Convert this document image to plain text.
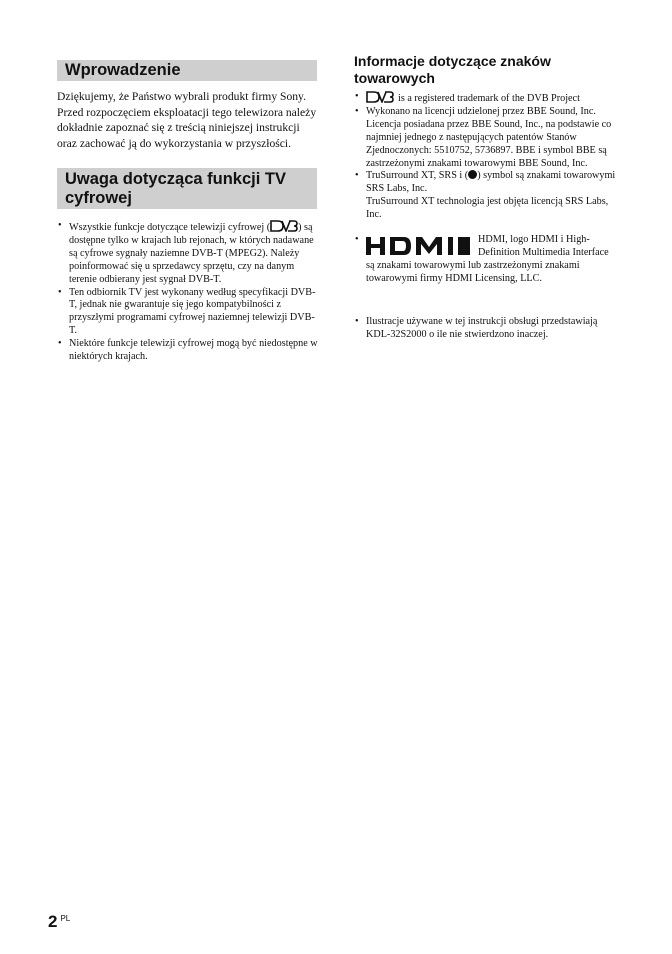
Wprowadzenie

Dziękujemy, że Państwo wybrali produkt firmy Sony. Przed rozpoczęciem eksploatacji tego telewizora należy dokładnie zapoznać się z treścią niniejszej instrukcji oraz zachować ją do wykorzystania w przyszłości.

Uwaga dotycząca funkcji TV cyfrowej
• Wszystkie funkcje dotyczące telewizji cyfrowej (	DVB ) są dostępne tylko w krajach lub rejonach, w których nadawane są cyfrowe sygnały naziemne DVB-T (MPEG2). Należy poinformować się u sprzedawcy sprzętu, czy na danym terenie odbierany jest sygnał DVB-T.
• Ten odbiornik TV jest wykonany według specyfikacji DVB-T, jednak nie gwarantuje się jego kompatybilności z przyszłymi programami cyfrowej naziemnej telewizji DVB-T.
• Niektóre funkcje telewizji cyfrowej mogą być niedostępne w niektórych krajach.
Informacje dotyczące znaków towarowych
• is a registered trademark of the DVB Project
• Wykonano na licencji udzielonej przez BBE Sound, Inc. Licencja posiadana przez BBE Sound, Inc., na podstawie co najmniej jednego z następujących patentów Stanów Zjednoczonych: 5510752, 5736897. BBE i symbol BBE są zastrzeżonymi znakami towarowymi BBE Sound, Inc.
• TruSurround XT, SRS i ( ) symbol są znakami towarowymi SRS Labs, Inc.
TruSurround XT technologia jest objęta licencją SRS Labs, Inc.
• HDMI, logo HDMI i High-Definition Multimedia Interface są znakami towarowymi lub zastrzeżonymi znakami towarowymi firmy HDMI Licensing, LLC.
• Ilustracje używane w tej instrukcji obsługi przedstawiają KDL-32S2000 o ile nie stwierdzono inaczej.
2 $^{PL}$
